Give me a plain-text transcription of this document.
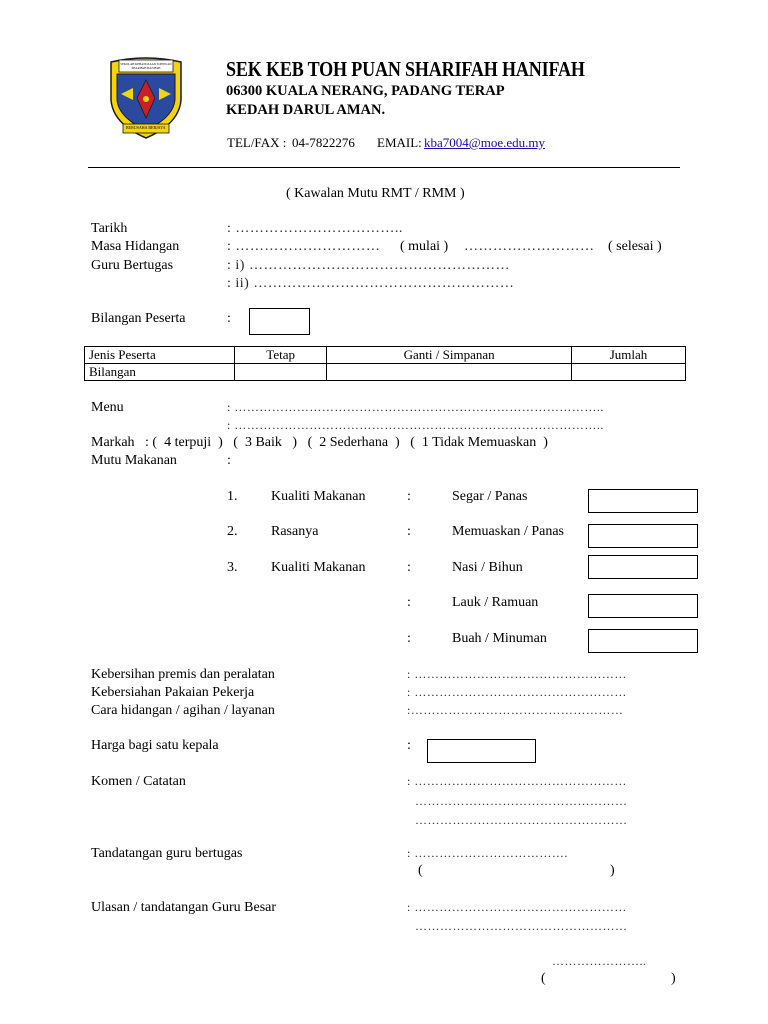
SEKOLAH KEBANGSAAN TOH PUAN SHARIFAH HANIFAH
BERUSAHA BERJAYA
SEK KEB TOH PUAN SHARIFAH HANIFAH
06300 KUALA NERANG, PADANG TERAP
KEDAH DARUL AMAN.
TEL/FAX : 04-7822276 EMAIL: kba7004@moe.edu.my
( Kawalan Mutu RMT / RMM )
Tarikh	: ……………………………..
Masa Hidangan	: ………………………… ( mulai ) ……………………… ( selesai )
Guru Bertugas	: i) ………………………………………………
: ii) ………………………………………………
Bilangan Peserta	:
Jenis Peserta	Tetap	Ganti / Simpanan	Jumlah
Bilangan			
Menu	: ……………………………………………………………………………..
: ……………………………………………………………………………..
Markah   : (  4 terpuji  )   (  3 Baik   )   (  2 Sederhana  )   (  1 Tidak Memuaskan  )
Mutu Makanan	:
1. Kualiti Makanan	:	Segar / Panas
2. Rasanya	:	Memuaskan / Panas
3. Kualiti Makanan	:	Nasi / Bihun
:	Lauk / Ramuan
:	Buah / Minuman
Kebersihan premis dan peralatan	: ……………………………………………
Kebersiahan Pakaian Pekerja	: ……………………………………………
Cara hidangan / agihan / layanan	:……………………………………………
Harga bagi satu kepala	:
Komen / Catatan	: ……………………………………………
……………………………………………
……………………………………………
Tandatangan guru bertugas	: ……………………………….
(	)
Ulasan / tandatangan Guru Besar	: ……………………………………………
……………………………………………
…………………..
(	)
